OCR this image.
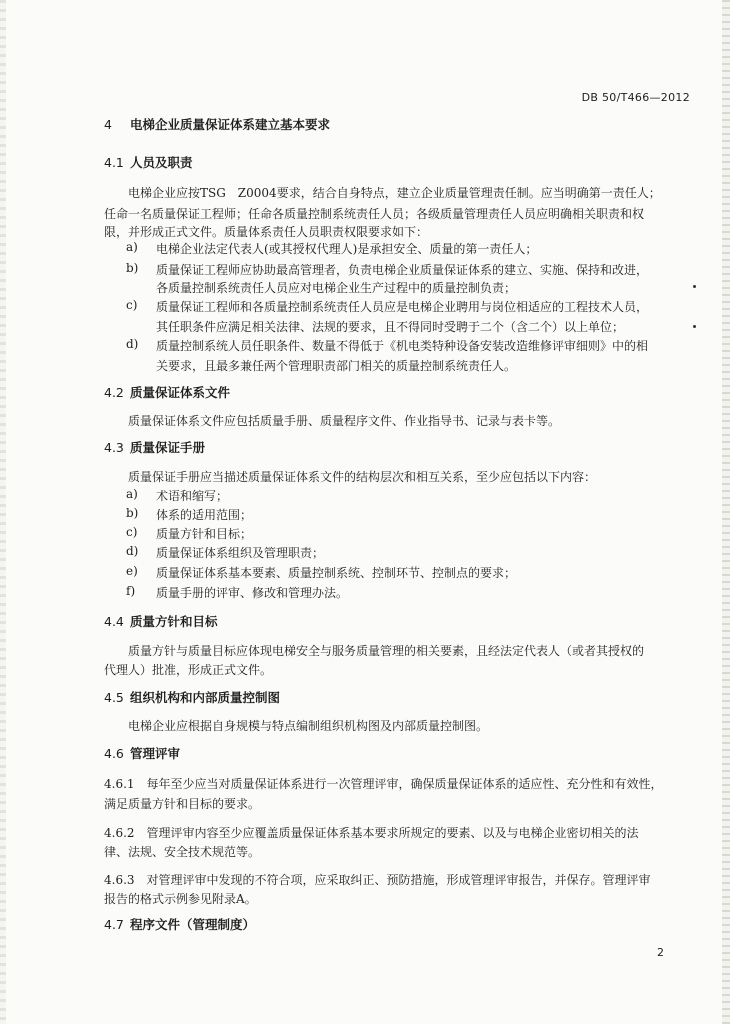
DB 50/T466—2012
4 电梯企业质量保证体系建立基本要求
4.1 人员及职责
电梯企业应按TSG　Z0004要求，结合自身特点，建立企业质量管理责任制。应当明确第一责任人；
任命一名质量保证工程师；任命各质量控制系统责任人员；各级质量管理责任人员应明确相关职责和权
限，并形成正式文件。质量体系责任人员职责权限要求如下：
a)	电梯企业法定代表人(或其授权代理人)是承担安全、质量的第一责任人；
b)	质量保证工程师应协助最高管理者，负责电梯企业质量保证体系的建立、实施、保持和改进，
各质量控制系统责任人员应对电梯企业生产过程中的质量控制负责；
c)	质量保证工程师和各质量控制系统责任人员应是电梯企业聘用与岗位相适应的工程技术人员，
其任职条件应满足相关法律、法规的要求，且不得同时受聘于二个（含二个）以上单位；
d)	质量控制系统人员任职条件、数量不得低于《机电类特种设备安装改造维修评审细则》中的相
关要求，且最多兼任两个管理职责部门相关的质量控制系统责任人。
4.2 质量保证体系文件
质量保证体系文件应包括质量手册、质量程序文件、作业指导书、记录与表卡等。
4.3 质量保证手册
质量保证手册应当描述质量保证体系文件的结构层次和相互关系，至少应包括以下内容：
a)	术语和缩写；
b)	体系的适用范围；
c)	质量方针和目标；
d)	质量保证体系组织及管理职责；
e)	质量保证体系基本要素、质量控制系统、控制环节、控制点的要求；
f)	质量手册的评审、修改和管理办法。
4.4 质量方针和目标
质量方针与质量目标应体现电梯安全与服务质量管理的相关要素，且经法定代表人（或者其授权的
代理人）批准，形成正式文件。
4.5 组织机构和内部质量控制图
电梯企业应根据自身规模与特点编制组织机构图及内部质量控制图。
4.6 管理评审
4.6.1　每年至少应当对质量保证体系进行一次管理评审，确保质量保证体系的适应性、充分性和有效性，
满足质量方针和目标的要求。
4.6.2　管理评审内容至少应覆盖质量保证体系基本要求所规定的要素、以及与电梯企业密切相关的法
律、法规、安全技术规范等。
4.6.3　对管理评审中发现的不符合项，应采取纠正、预防措施，形成管理评审报告，并保存。管理评审
报告的格式示例参见附录A。
4.7 程序文件（管理制度）
2
